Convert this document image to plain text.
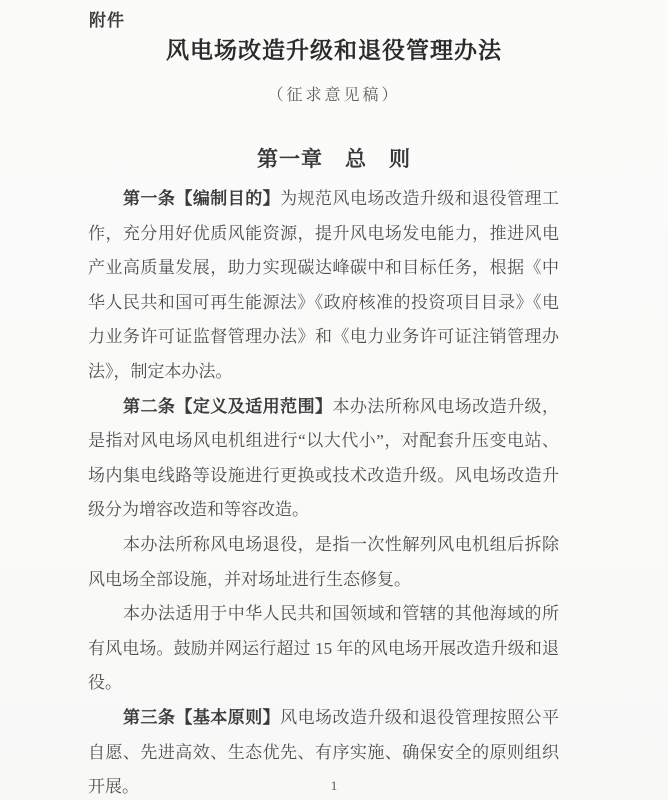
附件
风电场改造升级和退役管理办法
（征求意见稿）
第一章　总　则

第一条【编制目的】为规范风电场改造升级和退役管理工作，充分用好优质风能资源，提升风电场发电能力，推进风电产业高质量发展，助力实现碳达峰碳中和目标任务，根据《中华人民共和国可再生能源法》《政府核准的投资项目目录》《电力业务许可证监督管理办法》和《电力业务许可证注销管理办法》，制定本办法。

第二条【定义及适用范围】本办法所称风电场改造升级，是指对风电场风电机组进行“以大代小”，对配套升压变电站、场内集电线路等设施进行更换或技术改造升级。风电场改造升级分为增容改造和等容改造。

本办法所称风电场退役，是指一次性解列风电机组后拆除风电场全部设施，并对场址进行生态修复。

本办法适用于中华人民共和国领域和管辖的其他海域的所有风电场。鼓励并网运行超过 15 年的风电场开展改造升级和退役。

第三条【基本原则】风电场改造升级和退役管理按照公平自愿、先进高效、生态优先、有序实施、确保安全的原则组织开展。	1
